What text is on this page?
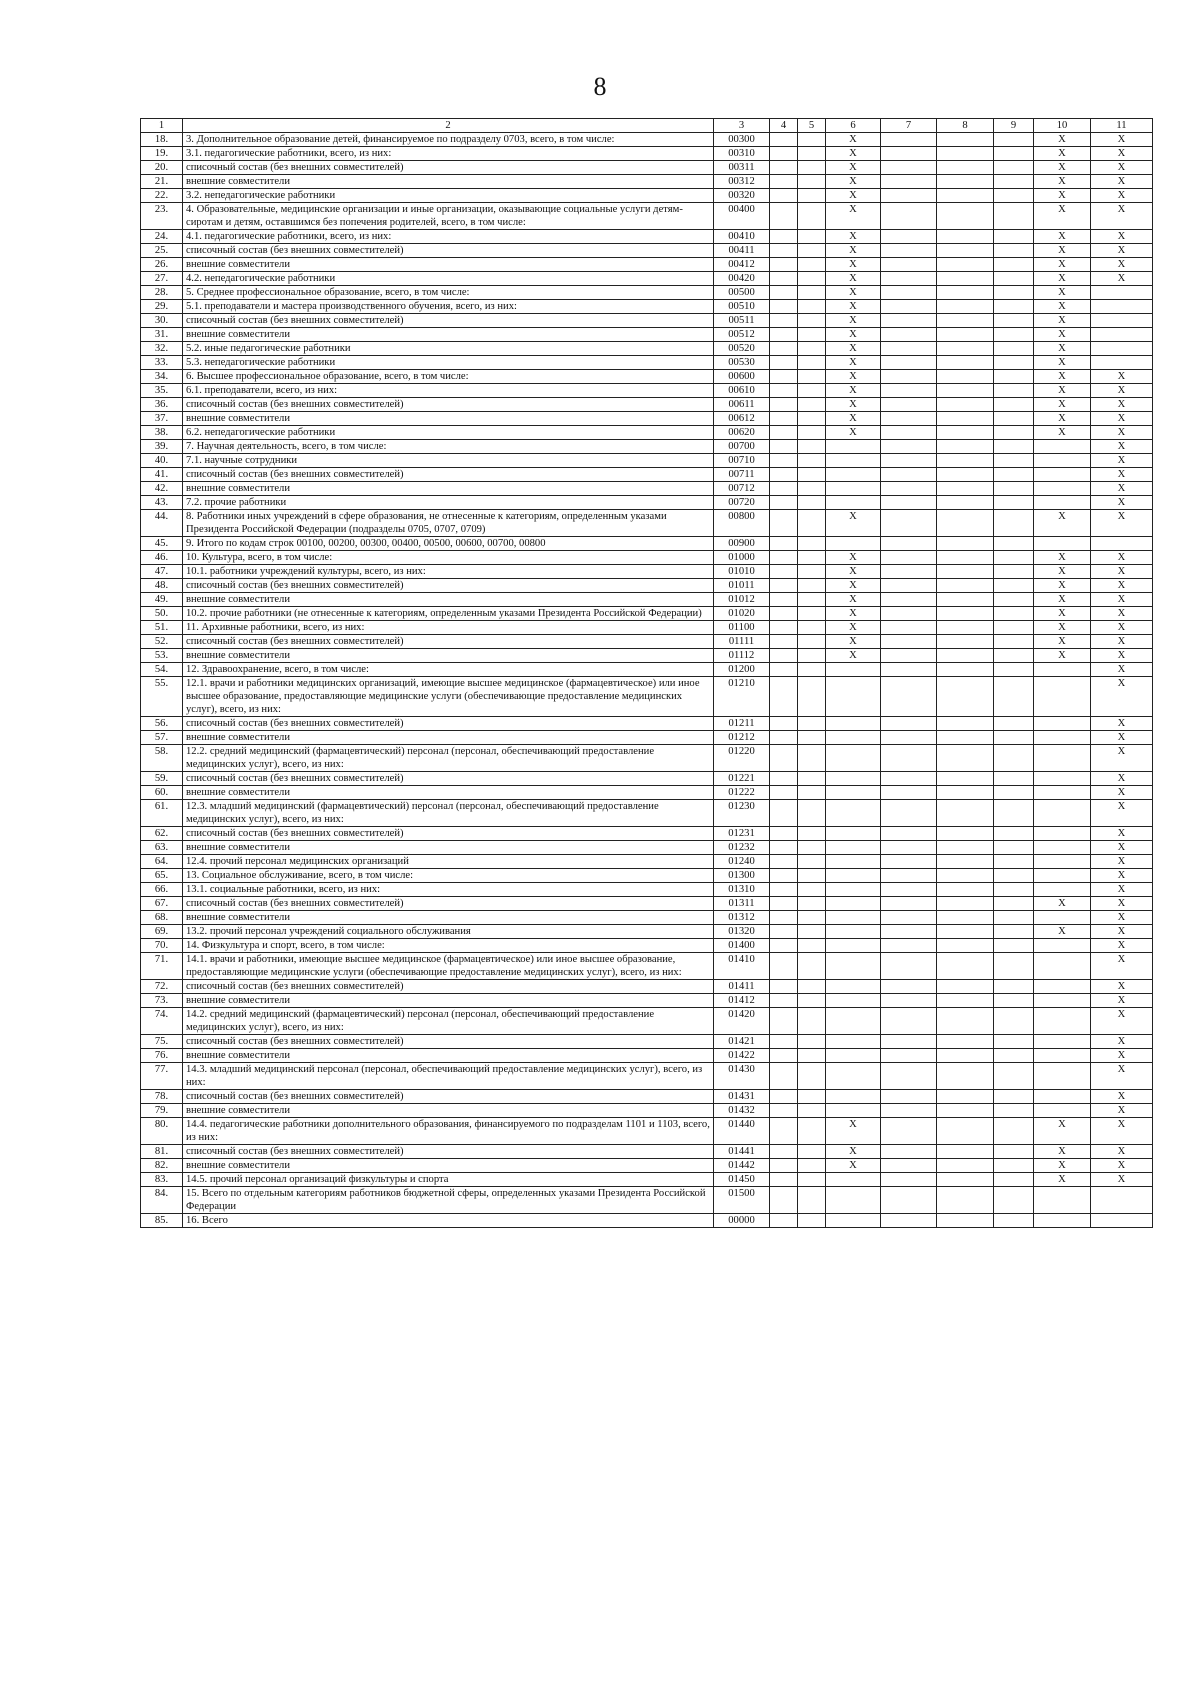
8
1	2	3	4	5	6	7	8	9	10	11
18.	3. Дополнительное образование детей, финансируемое по подразделу 0703, всего, в том числе:	00300			X				X	X
19.	3.1. педагогические работники, всего, из них:	00310			X				X	X
20.	списочный состав (без внешних совместителей)	00311			X				X	X
21.	внешние совместители	00312			X				X	X
22.	3.2. непедагогические работники	00320			X				X	X
23.	4. Образовательные, медицинские организации и иные организации, оказывающие социальные услуги детям-сиротам и детям, оставшимся без попечения родителей, всего, в том числе:	00400			X				X	X
24.	4.1. педагогические работники, всего, из них:	00410			X				X	X
25.	списочный состав (без внешних совместителей)	00411			X				X	X
26.	внешние совместители	00412			X				X	X
27.	4.2. непедагогические работники	00420			X				X	X
28.	5. Среднее профессиональное образование, всего, в том числе:	00500			X				X	
29.	5.1. преподаватели и мастера производственного обучения, всего, из них:	00510			X				X	
30.	списочный состав (без внешних совместителей)	00511			X				X	
31.	внешние совместители	00512			X				X	
32.	5.2. иные педагогические работники	00520			X				X	
33.	5.3. непедагогические работники	00530			X				X	
34.	6. Высшее профессиональное образование, всего, в том числе:	00600			X				X	X
35.	6.1. преподаватели, всего, из них:	00610			X				X	X
36.	списочный состав (без внешних совместителей)	00611			X				X	X
37.	внешние совместители	00612			X				X	X
38.	6.2. непедагогические работники	00620			X				X	X
39.	7. Научная деятельность, всего, в том числе:	00700								X
40.	7.1. научные сотрудники	00710								X
41.	списочный состав (без внешних совместителей)	00711								X
42.	внешние совместители	00712								X
43.	7.2. прочие работники	00720								X
44.	8. Работники иных учреждений в сфере образования, не отнесенные к категориям, определенным указами Президента Российской Федерации (подразделы 0705, 0707, 0709)	00800			X				X	X
45.	9. Итого по кодам строк 00100, 00200, 00300, 00400, 00500, 00600, 00700, 00800	00900								
46.	10. Культура, всего, в том числе:	01000			X				X	X
47.	10.1. работники учреждений культуры, всего, из них:	01010			X				X	X
48.	списочный состав (без внешних совместителей)	01011			X				X	X
49.	внешние совместители	01012			X				X	X
50.	10.2. прочие работники (не отнесенные к категориям, определенным указами Президента Российской Федерации)	01020			X				X	X
51.	11. Архивные работники, всего, из них:	01100			X				X	X
52.	списочный состав (без внешних совместителей)	01111			X				X	X
53.	внешние совместители	01112			X				X	X
54.	12. Здравоохранение, всего, в том числе:	01200								X
55.	12.1. врачи и работники медицинских организаций, имеющие высшее медицинское (фармацевтическое) или иное высшее образование, предоставляющие медицинские услуги (обеспечивающие предоставление медицинских услуг), всего, из них:	01210								X
56.	списочный состав (без внешних совместителей)	01211								X
57.	внешние совместители	01212								X
58.	12.2. средний медицинский (фармацевтический) персонал (персонал, обеспечивающий предоставление медицинских услуг), всего, из них:	01220								X
59.	списочный состав (без внешних совместителей)	01221								X
60.	внешние совместители	01222								X
61.	12.3. младший медицинский (фармацевтический) персонал (персонал, обеспечивающий предоставление медицинских услуг), всего, из них:	01230								X
62.	списочный состав (без внешних совместителей)	01231								X
63.	внешние совместители	01232								X
64.	12.4. прочий персонал медицинских организаций	01240								X
65.	13. Социальное обслуживание, всего, в том числе:	01300								X
66.	13.1. социальные работники, всего, из них:	01310								X
67.	списочный состав (без внешних совместителей)	01311							X	X
68.	внешние совместители	01312								X
69.	13.2. прочий персонал учреждений социального обслуживания	01320							X	X
70.	14. Физкультура и спорт, всего, в том числе:	01400								X
71.	14.1. врачи и работники, имеющие высшее медицинское (фармацевтическое) или иное высшее образование, предоставляющие медицинские услуги (обеспечивающие предоставление медицинских услуг), всего, из них:	01410								X
72.	списочный состав (без внешних совместителей)	01411								X
73.	внешние совместители	01412								X
74.	14.2. средний медицинский (фармацевтический) персонал (персонал, обеспечивающий предоставление медицинских услуг), всего, из них:	01420								X
75.	списочный состав (без внешних совместителей)	01421								X
76.	внешние совместители	01422								X
77.	14.3. младший медицинский персонал (персонал, обеспечивающий предоставление медицинских услуг), всего, из них:	01430								X
78.	списочный состав (без внешних совместителей)	01431								X
79.	внешние совместители	01432								X
80.	14.4. педагогические работники дополнительного образования, финансируемого по подразделам 1101 и 1103, всего, из них:	01440			X				X	X
81.	списочный состав (без внешних совместителей)	01441			X				X	X
82.	внешние совместители	01442			X				X	X
83.	14.5. прочий персонал организаций физкультуры и спорта	01450							X	X
84.	15. Всего по отдельным категориям работников бюджетной сферы, определенных указами Президента Российской Федерации	01500								
85.	16. Всего	00000								
